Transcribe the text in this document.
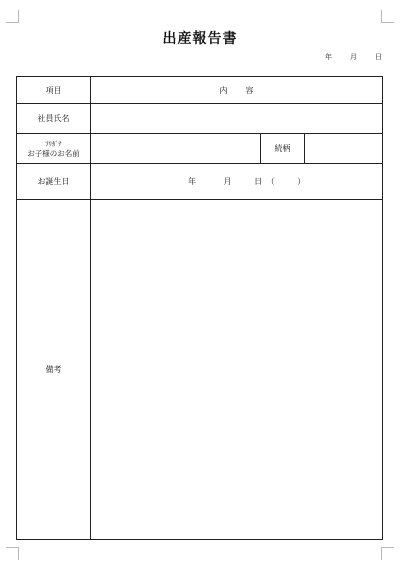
出産報告書
年	月	日
項目	内 容		
社員氏名			

ﾌﾘｶﾞﾅ
お子様のお名前		続柄	
お誕生日	年 月 日 （ ）		
備考			
